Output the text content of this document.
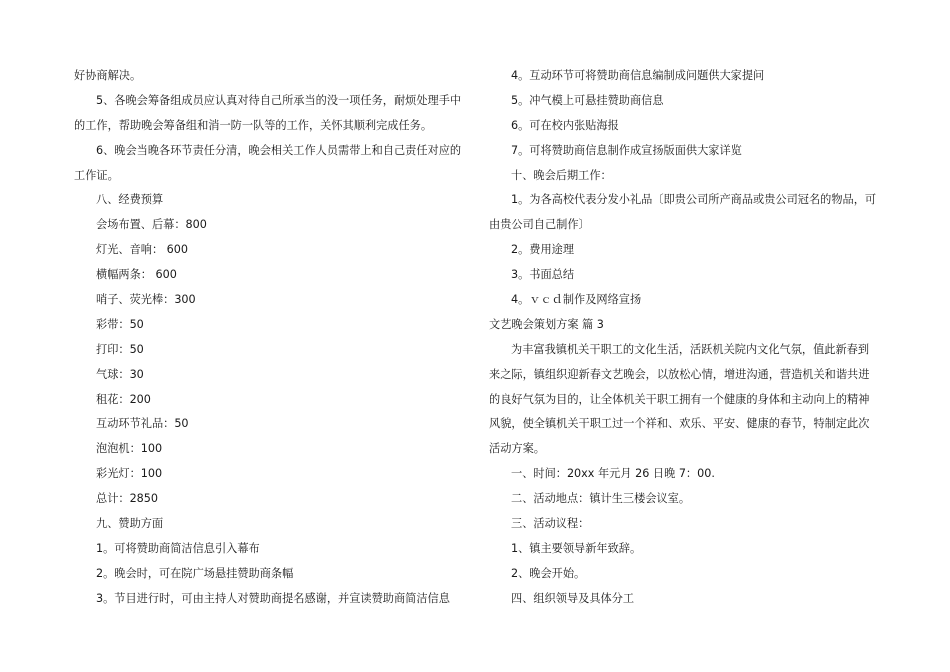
好协商解决。
5、各晚会筹备组成员应认真对待自己所承当的没一项任务，耐烦处理手中
的工作，帮助晚会筹备组和消一防一队等的工作，关怀其顺利完成任务。
6、晚会当晚各环节责任分清，晚会相关工作人员需带上和自己责任对应的
工作证。
八、经费预算
会场布置、后幕：800
灯光、音响： 600
横幅两条： 600
哨子、荧光棒：300
彩带：50
打印：50
气球：30
租花：200
互动环节礼品：50
泡泡机：100
彩光灯：100
总计：2850
九、赞助方面
1。可将赞助商简洁信息引入幕布
2。晚会时，可在院广场悬挂赞助商条幅
3。节目进行时，可由主持人对赞助商提名感谢，并宣读赞助商简洁信息
4。互动环节可将赞助商信息编制成问题供大家提问
5。冲气模上可悬挂赞助商信息
6。可在校内张贴海报
7。可将赞助商信息制作成宣扬版面供大家详览
十、晚会后期工作：
1。为各高校代表分发小礼品〔即贵公司所产商品或贵公司冠名的物品，可
由贵公司自己制作〕
2。费用途理
3。书面总结
4。ｖｃｄ制作及网络宣扬
文艺晚会策划方案 篇 3
为丰富我镇机关干职工的文化生活，活跃机关院内文化气氛，值此新春到
来之际，镇组织迎新春文艺晚会，以放松心情，增进沟通，营造机关和谐共进
的良好气氛为目的，让全体机关干职工拥有一个健康的身体和主动向上的精神
风貌，使全镇机关干职工过一个祥和、欢乐、平安、健康的春节，特制定此次
活动方案。
一、时间：20xx 年元月 26 日晚 7：00.
二、活动地点：镇计生三楼会议室。
三、活动议程：
1、镇主要领导新年致辞。
2、晚会开始。
四、组织领导及具体分工
